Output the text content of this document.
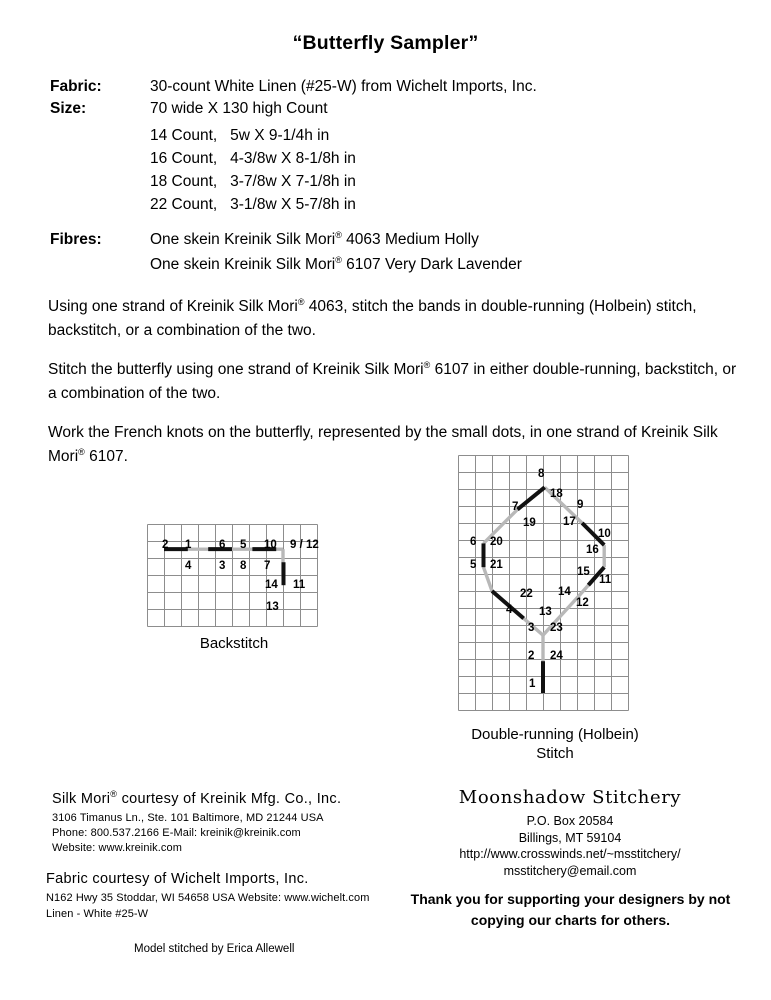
“Butterfly Sampler”
Fabric:	30-count White Linen (#25-W) from Wichelt Imports, Inc.
Size:	70 wide X 130 high Count
14 Count,   5w X 9-1/4h in
16 Count,   4-3/8w X 8-1/8h in
18 Count,   3-7/8w X 7-1/8h in
22 Count,   3-1/8w X 5-7/8h in
Fibres:	One skein Kreinik Silk Mori® 4063 Medium Holly
One skein Kreinik Silk Mori® 6107 Very Dark Lavender
Using one strand of Kreinik Silk Mori® 4063, stitch the bands in double-running (Holbein) stitch, backstitch, or a combination of the two.
Stitch the butterfly using one strand of Kreinik Silk Mori® 6107 in either double-running, backstitch, or a combination of the two.
Work the French knots on the butterfly, represented by the small dots, in one strand of Kreinik Silk Mori® 6107.
2 1 6 5 10 9 / 12
4 3 8 7
14 11
13
Backstitch
8
18
7
19
9
17
10
16
6 20
5 21
15
11
22 14
12
4 13
3 23
2 24
1
Double-running (Holbein)
Stitch
Silk Mori® courtesy of Kreinik Mfg. Co., Inc.
3106 Timanus Ln., Ste. 101 Baltimore, MD 21244 USA
Phone: 800.537.2166 E-Mail: kreinik@kreinik.com
Website: www.kreinik.com
Fabric courtesy of Wichelt Imports, Inc.
N162 Hwy 35 Stoddar, WI 54658 USA Website: www.wichelt.com
Linen - White #25-W
Model stitched by Erica Allewell
Moonshadow Stitchery
P.O. Box 20584
Billings, MT 59104
http://www.crosswinds.net/~msstitchery/
msstitchery@email.com
Thank you for supporting your designers by not
copying our charts for others.
